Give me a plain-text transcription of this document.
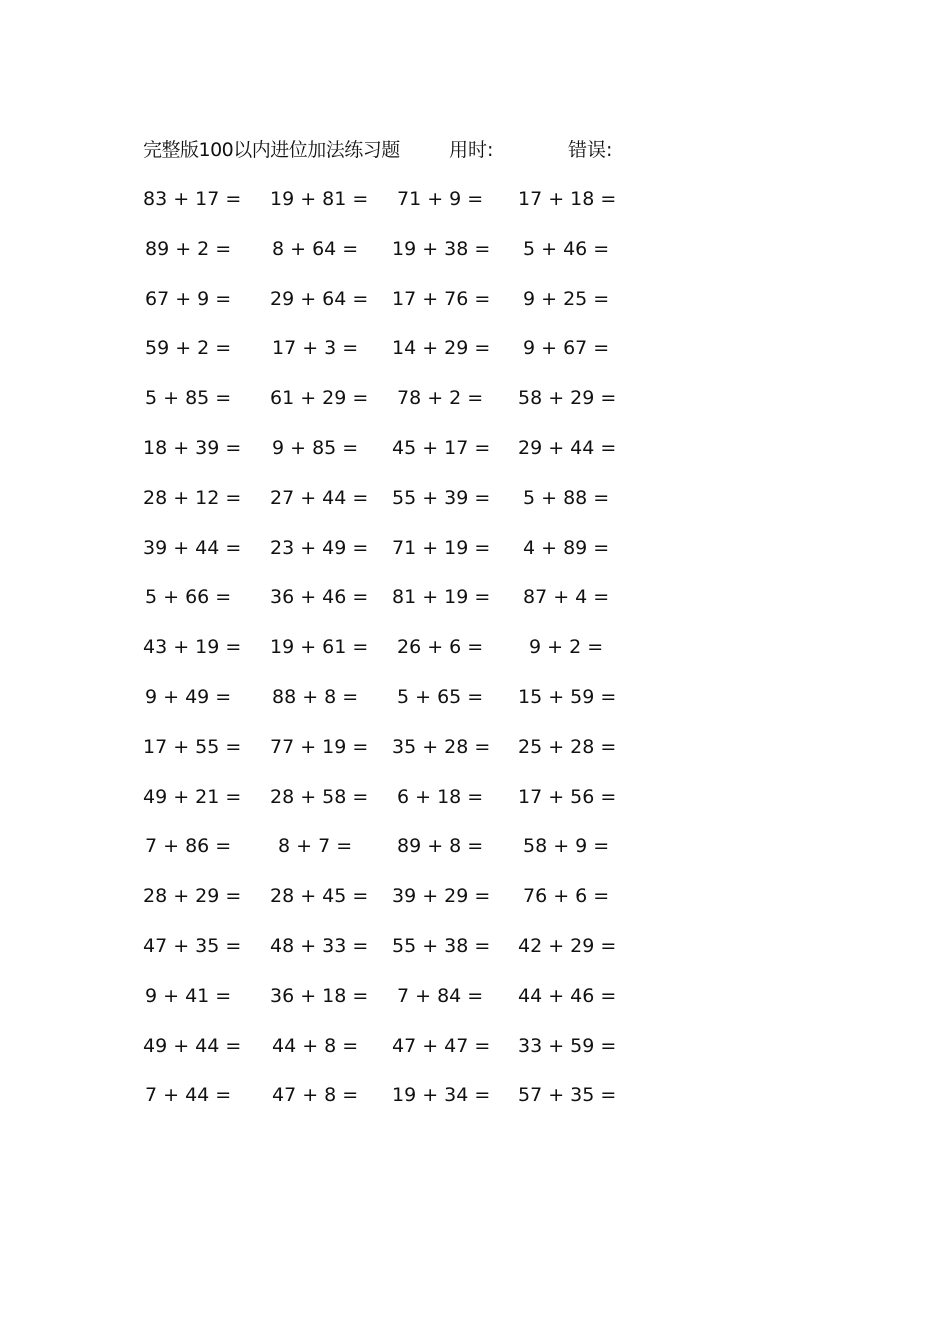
完整版100以内进位加法练习题	用时:	错误:
83 + 17 = 19 + 81 = 71 + 9 = 17 + 18 =
89 + 2 = 8 + 64 = 19 + 38 = 5 + 46 =
67 + 9 = 29 + 64 = 17 + 76 = 9 + 25 =
59 + 2 = 17 + 3 = 14 + 29 = 9 + 67 =
5 + 85 = 61 + 29 = 78 + 2 = 58 + 29 =
18 + 39 = 9 + 85 = 45 + 17 = 29 + 44 =
28 + 12 = 27 + 44 = 55 + 39 = 5 + 88 =
39 + 44 = 23 + 49 = 71 + 19 = 4 + 89 =
5 + 66 = 36 + 46 = 81 + 19 = 87 + 4 =
43 + 19 = 19 + 61 = 26 + 6 = 9 + 2 =
9 + 49 = 88 + 8 = 5 + 65 = 15 + 59 =
17 + 55 = 77 + 19 = 35 + 28 = 25 + 28 =
49 + 21 = 28 + 58 = 6 + 18 = 17 + 56 =
7 + 86 = 8 + 7 = 89 + 8 = 58 + 9 =
28 + 29 = 28 + 45 = 39 + 29 = 76 + 6 =
47 + 35 = 48 + 33 = 55 + 38 = 42 + 29 =
9 + 41 = 36 + 18 = 7 + 84 = 44 + 46 =
49 + 44 = 44 + 8 = 47 + 47 = 33 + 59 =
7 + 44 = 47 + 8 = 19 + 34 = 57 + 35 =
